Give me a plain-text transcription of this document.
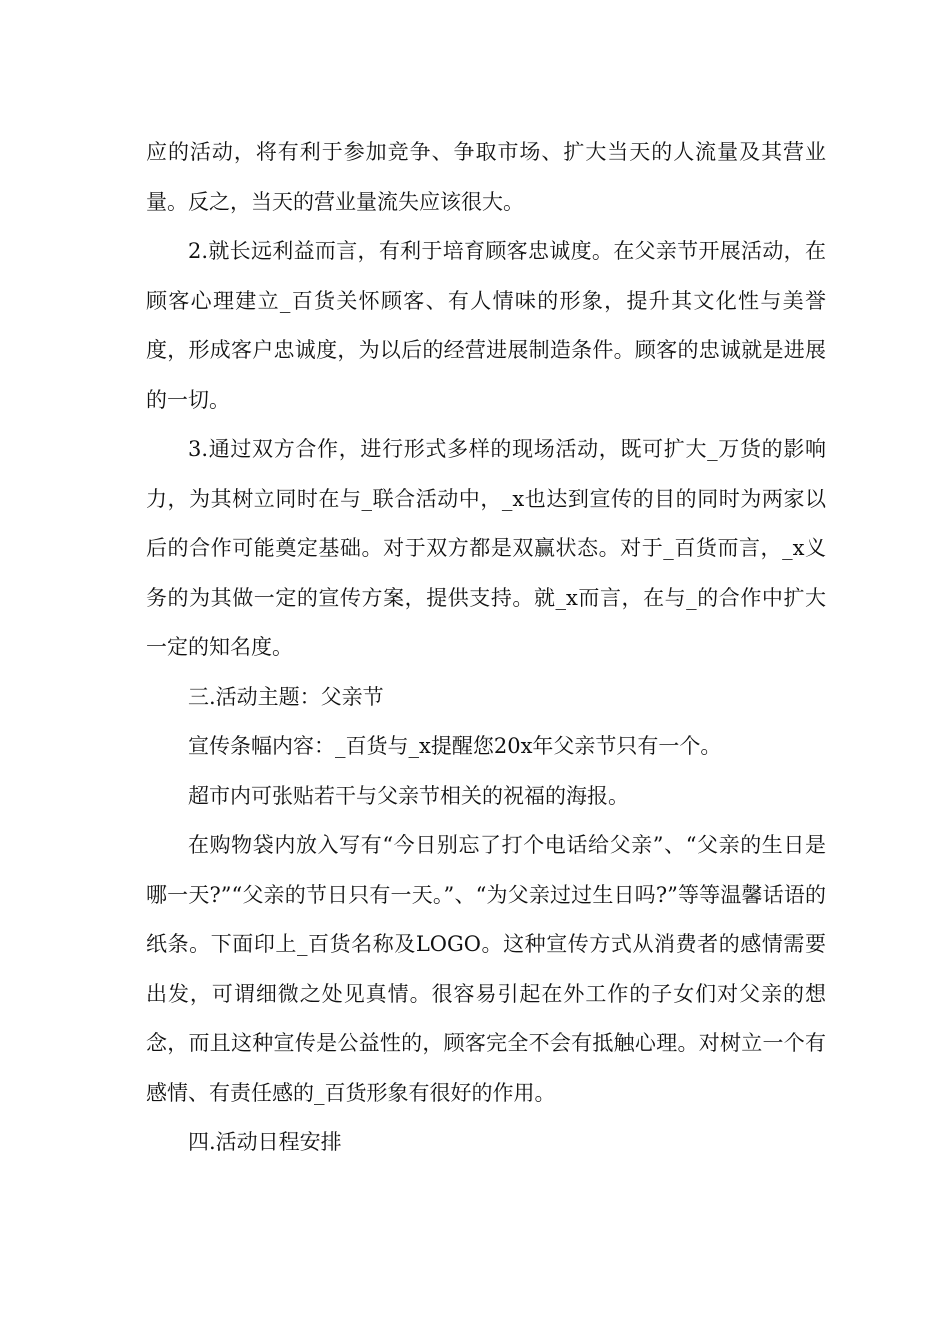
应的活动，将有利于参加竞争、争取市场、扩大当天的人流量及其营业量。反之，当天的营业量流失应该很大。

2.就长远利益而言，有利于培育顾客忠诚度。在父亲节开展活动，在顾客心理建立_百货关怀顾客、有人情味的形象，提升其文化性与美誉度，形成客户忠诚度，为以后的经营进展制造条件。顾客的忠诚就是进展的一切。

3.通过双方合作，进行形式多样的现场活动，既可扩大_万货的影响力，为其树立同时在与_联合活动中，_x也达到宣传的目的同时为两家以后的合作可能奠定基础。对于双方都是双赢状态。对于_百货而言，_x义务的为其做一定的宣传方案，提供支持。就_x而言，在与_的合作中扩大一定的知名度。

三.活动主题：父亲节

宣传条幅内容：_百货与_x提醒您20x年父亲节只有一个。

超市内可张贴若干与父亲节相关的祝福的海报。

在购物袋内放入写有“今日别忘了打个电话给父亲”、“父亲的生日是哪一天?”“父亲的节日只有一天。”、“为父亲过过生日吗?”等等温馨话语的纸条。下面印上_百货名称及LOGO。这种宣传方式从消费者的感情需要出发，可谓细微之处见真情。很容易引起在外工作的子女们对父亲的想念，而且这种宣传是公益性的，顾客完全不会有抵触心理。对树立一个有感情、有责任感的_百货形象有很好的作用。

四.活动日程安排
